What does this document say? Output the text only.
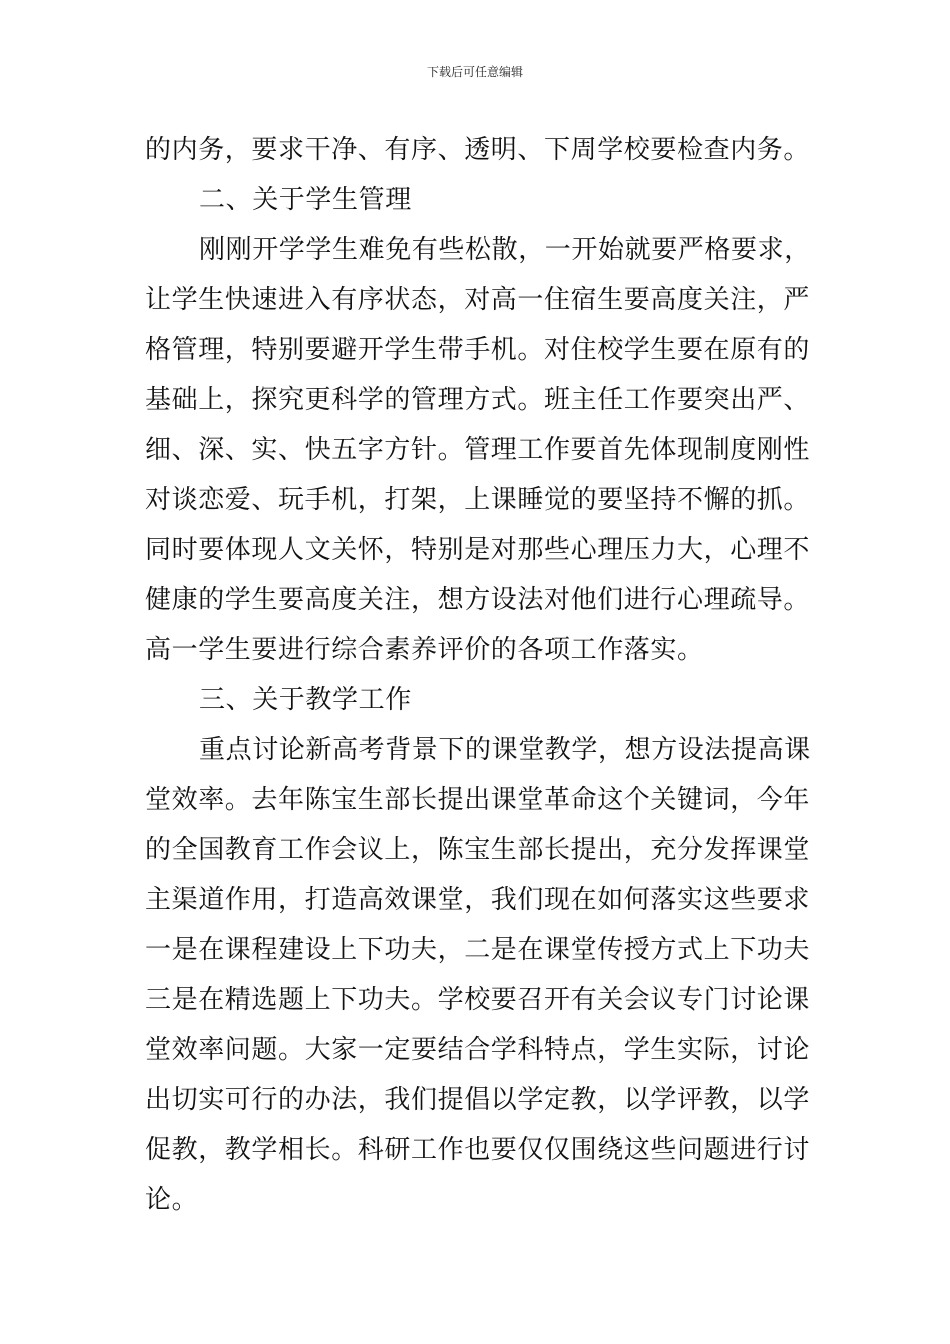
下载后可任意编辑
的内务，要求干净、有序、透明、下周学校要检查内务。
二、关于学生管理
刚刚开学学生难免有些松散，一开始就要严格要求，
让学生快速进入有序状态，对高一住宿生要高度关注，严
格管理，特别要避开学生带手机。对住校学生要在原有的
基础上，探究更科学的管理方式。班主任工作要突出严、
细、深、实、快五字方针。管理工作要首先体现制度刚性
对谈恋爱、玩手机，打架，上课睡觉的要坚持不懈的抓。
同时要体现人文关怀，特别是对那些心理压力大，心理不
健康的学生要高度关注，想方设法对他们进行心理疏导。
高一学生要进行综合素养评价的各项工作落实。
三、关于教学工作
重点讨论新高考背景下的课堂教学，想方设法提高课
堂效率。去年陈宝生部长提出课堂革命这个关键词，今年
的全国教育工作会议上，陈宝生部长提出，充分发挥课堂
主渠道作用，打造高效课堂，我们现在如何落实这些要求
一是在课程建设上下功夫，二是在课堂传授方式上下功夫
三是在精选题上下功夫。学校要召开有关会议专门讨论课
堂效率问题。大家一定要结合学科特点，学生实际，讨论
出切实可行的办法，我们提倡以学定教，以学评教，以学
促教，教学相长。科研工作也要仅仅围绕这些问题进行讨
论。
